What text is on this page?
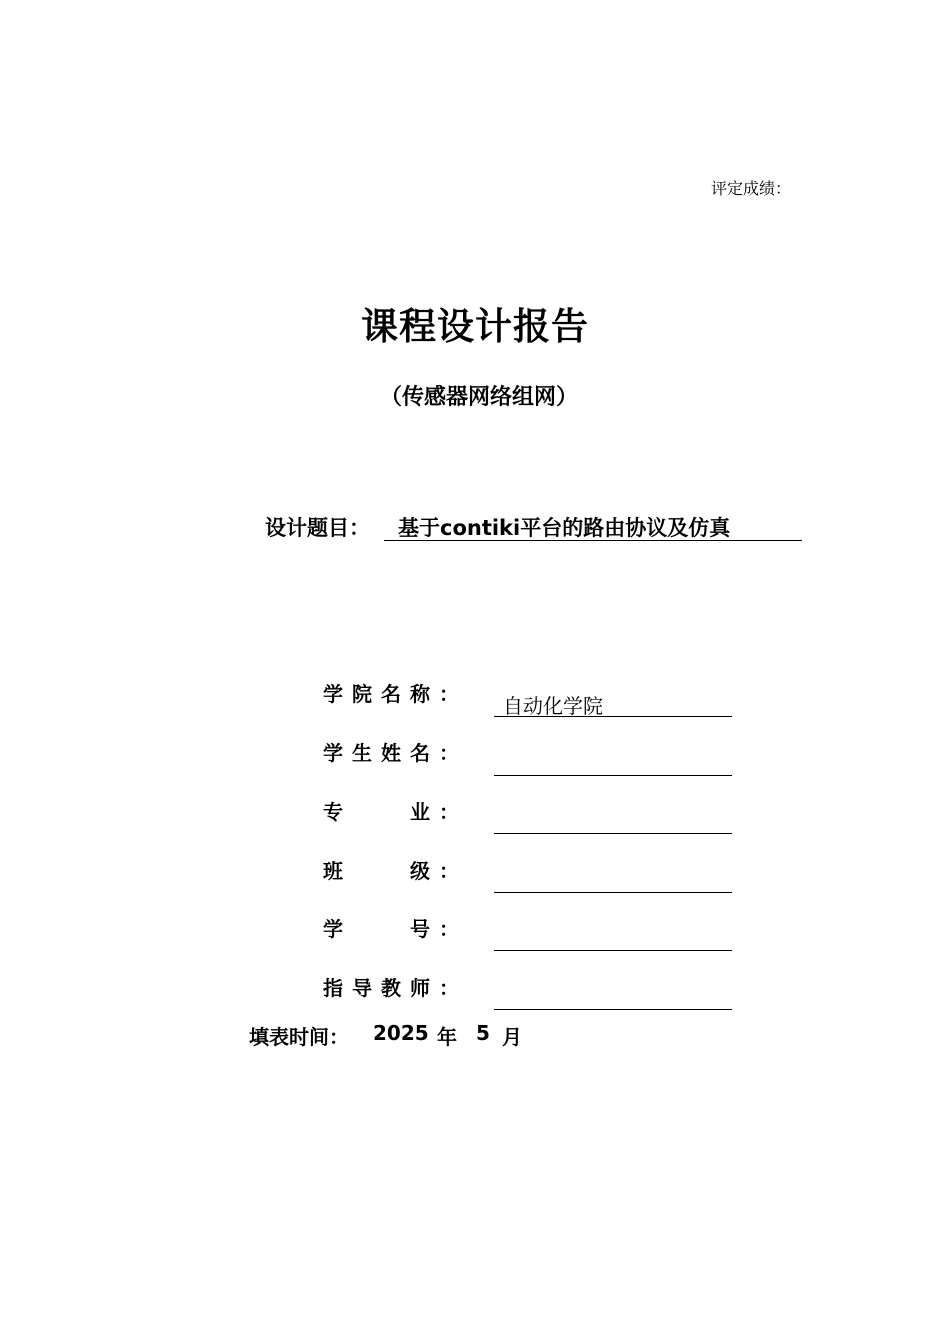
评定成绩：
课程设计报告
（传感器网络组网）
设计题目： 基于contiki平台的路由协议及仿真
学院名称： 自动化学院
学生姓名：
专　　业：
班　　级：
学　　号：
指导教师：
填表时间： 2025 年 5 月
